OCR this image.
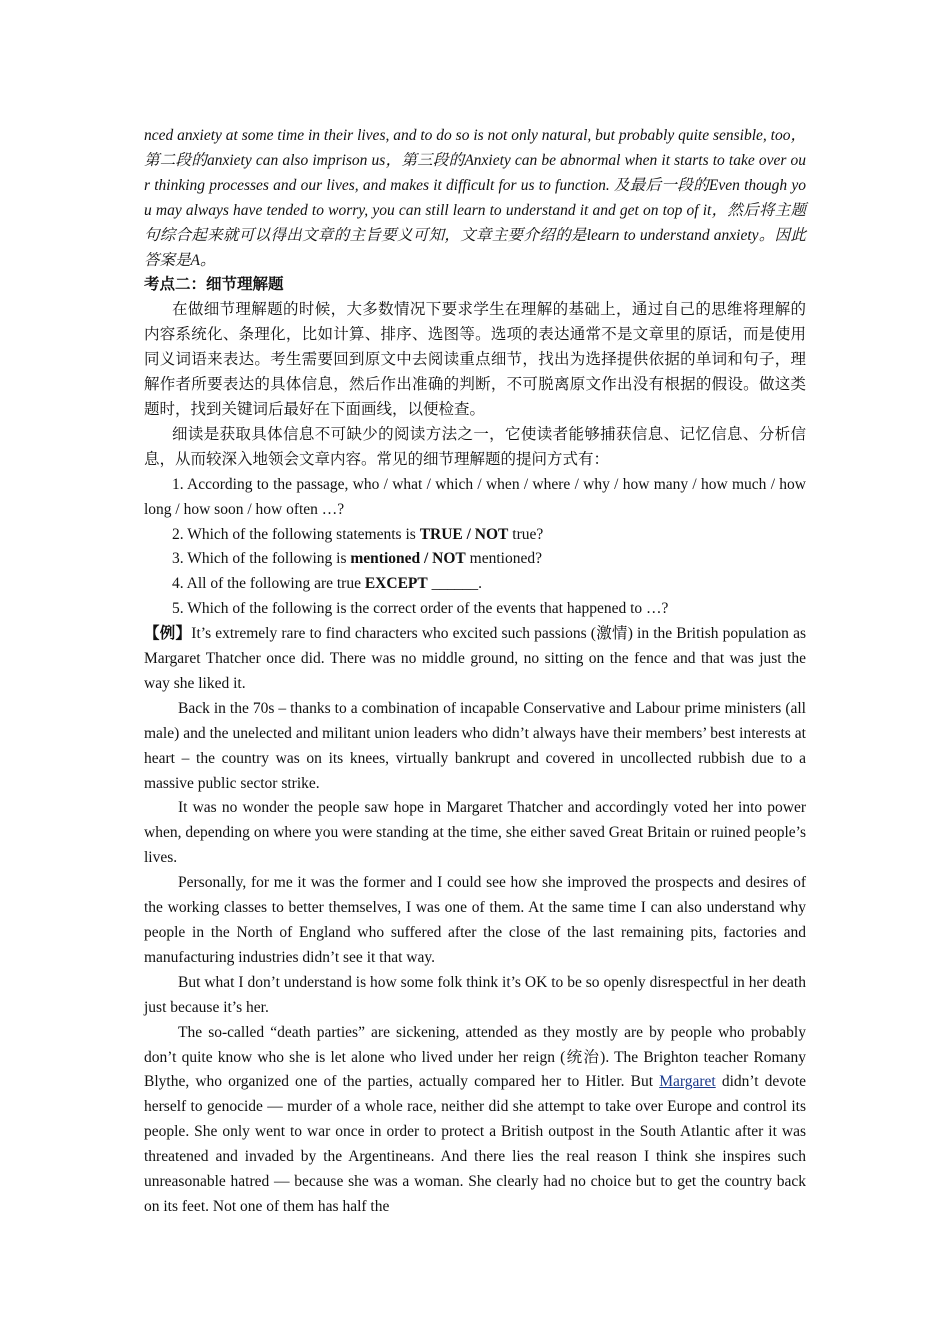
nced anxiety at some time in their lives, and to do so is not only natural, but probably quite sensible, too，第二段的anxiety can also imprison us，第三段的Anxiety can be abnormal when it starts to take over our thinking processes and our lives, and makes it difficult for us to function. 及最后一段的Even though you may always have tended to worry, you can still learn to understand it and get on top of it，然后将主题句综合起来就可以得出文章的主旨要义可知，文章主要介绍的是learn to understand anxiety。因此答案是A。

考点二：细节理解题

在做细节理解题的时候，大多数情况下要求学生在理解的基础上，通过自己的思维将理解的内容系统化、条理化，比如计算、排序、选图等。选项的表达通常不是文章里的原话，而是使用同义词语来表达。考生需要回到原文中去阅读重点细节，找出为选择提供依据的单词和句子，理解作者所要表达的具体信息，然后作出准确的判断，不可脱离原文作出没有根据的假设。做这类题时，找到关键词后最好在下面画线，以便检查。

细读是获取具体信息不可缺少的阅读方法之一，它使读者能够捕获信息、记忆信息、分析信息，从而较深入地领会文章内容。常见的细节理解题的提问方式有：

1. According to the passage, who / what / which / when / where / why / how many / how much / how long / how soon / how often …?

2. Which of the following statements is TRUE / NOT true?

3. Which of the following is mentioned / NOT mentioned?

4. All of the following are true EXCEPT ______.

5. Which of the following is the correct order of the events that happened to …?

【例】It’s extremely rare to find characters who excited such passions (激情) in the British population as Margaret Thatcher once did. There was no middle ground, no sitting on the fence and that was just the way she liked it.

Back in the 70s – thanks to a combination of incapable Conservative and Labour prime ministers (all male) and the unelected and militant union leaders who didn’t always have their members’ best interests at heart – the country was on its knees, virtually bankrupt and covered in uncollected rubbish due to a massive public sector strike.

It was no wonder the people saw hope in Margaret Thatcher and accordingly voted her into power when, depending on where you were standing at the time, she either saved Great Britain or ruined people’s lives.

Personally, for me it was the former and I could see how she improved the prospects and desires of the working classes to better themselves, I was one of them. At the same time I can also understand why people in the North of England who suffered after the close of the last remaining pits, factories and manufacturing industries didn’t see it that way.

But what I don’t understand is how some folk think it’s OK to be so openly disrespectful in her death just because it’s her.

The so-called “death parties” are sickening, attended as they mostly are by people who probably don’t quite know who she is let alone who lived under her reign (统治). The Brighton teacher Romany Blythe, who organized one of the parties, actually compared her to Hitler. But Margaret didn’t devote herself to genocide — murder of a whole race, neither did she attempt to take over Europe and control its people. She only went to war once in order to protect a British outpost in the South Atlantic after it was threatened and invaded by the Argentineans. And there lies the real reason I think she inspires such unreasonable hatred — because she was a woman. She clearly had no choice but to get the country back on its feet. Not one of them has half the
